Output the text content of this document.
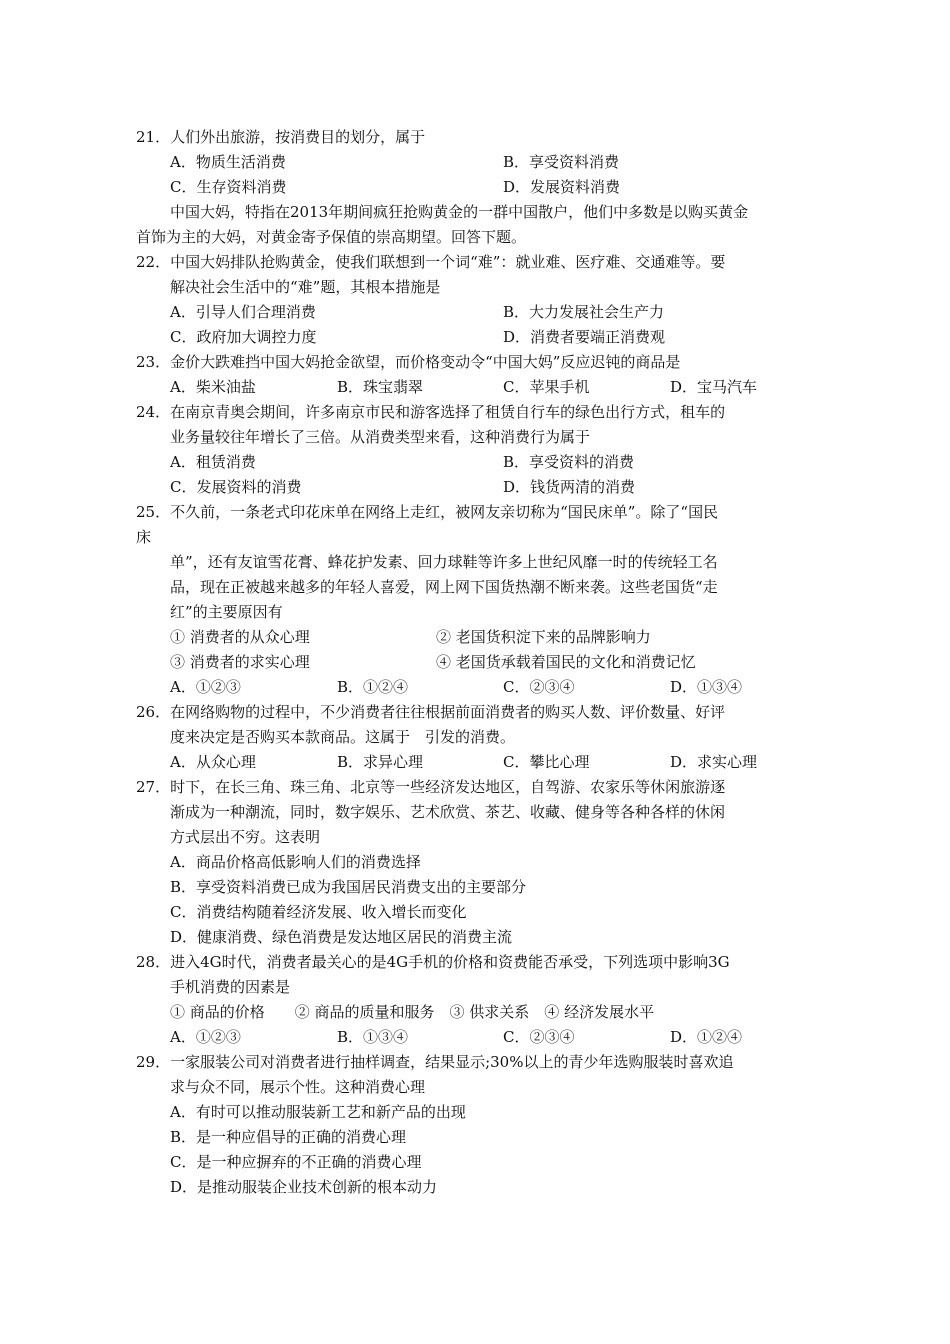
21．人们外出旅游，按消费目的划分，属于
A．物质生活消费	B．享受资料消费
C．生存资料消费	D．发展资料消费
中国大妈，特指在2013年期间疯狂抢购黄金的一群中国散户，他们中多数是以购买黄金
首饰为主的大妈，对黄金寄予保值的崇高期望。回答下题。
22．中国大妈排队抢购黄金，使我们联想到一个词“难”：就业难、医疗难、交通难等。要
解决社会生活中的“难”题，其根本措施是
A．引导人们合理消费	B．大力发展社会生产力
C．政府加大调控力度	D．消费者要端正消费观
23．金价大跌难挡中国大妈抢金欲望，而价格变动令“中国大妈”反应迟钝的商品是
A．柴米油盐	B．珠宝翡翠	C．苹果手机	D．宝马汽车
24．在南京青奥会期间，许多南京市民和游客选择了租赁自行车的绿色出行方式，租车的
业务量较往年增长了三倍。从消费类型来看，这种消费行为属于
A．租赁消费	B．享受资料的消费
C．发展资料的消费	D．钱货两清的消费
25．不久前，一条老式印花床单在网络上走红，被网友亲切称为“国民床单”。除了“国民
床
单”，还有友谊雪花膏、蜂花护发素、回力球鞋等许多上世纪风靡一时的传统轻工名
品，现在正被越来越多的年轻人喜爱，网上网下国货热潮不断来袭。这些老国货“走
红”的主要原因有
① 消费者的从众心理	② 老国货积淀下来的品牌影响力
③ 消费者的求实心理	④ 老国货承载着国民的文化和消费记忆
A．①②③	B．①②④	C．②③④	D．①③④
26．在网络购物的过程中，不少消费者往往根据前面消费者的购买人数、评价数量、好评
度来决定是否购买本款商品。这属于　引发的消费。
A．从众心理	B．求异心理	C．攀比心理	D．求实心理
27．时下，在长三角、珠三角、北京等一些经济发达地区，自驾游、农家乐等休闲旅游逐
渐成为一种潮流，同时，数字娱乐、艺术欣赏、茶艺、收藏、健身等各种各样的休闲
方式层出不穷。这表明
A．商品价格高低影响人们的消费选择
B．享受资料消费已成为我国居民消费支出的主要部分
C．消费结构随着经济发展、收入增长而变化
D．健康消费、绿色消费是发达地区居民的消费主流
28．进入4G时代，消费者最关心的是4G手机的价格和资费能否承受，下列选项中影响3G
手机消费的因素是
① 商品的价格　　② 商品的质量和服务　③ 供求关系　④ 经济发展水平
A．①②③	B．①③④	C．②③④	D．①②④
29．一家服装公司对消费者进行抽样调查，结果显示;30%以上的青少年选购服装时喜欢追
求与众不同，展示个性。这种消费心理
A．有时可以推动服装新工艺和新产品的出现
B．是一种应倡导的正确的消费心理
C．是一种应摒弃的不正确的消费心理
D．是推动服装企业技术创新的根本动力
